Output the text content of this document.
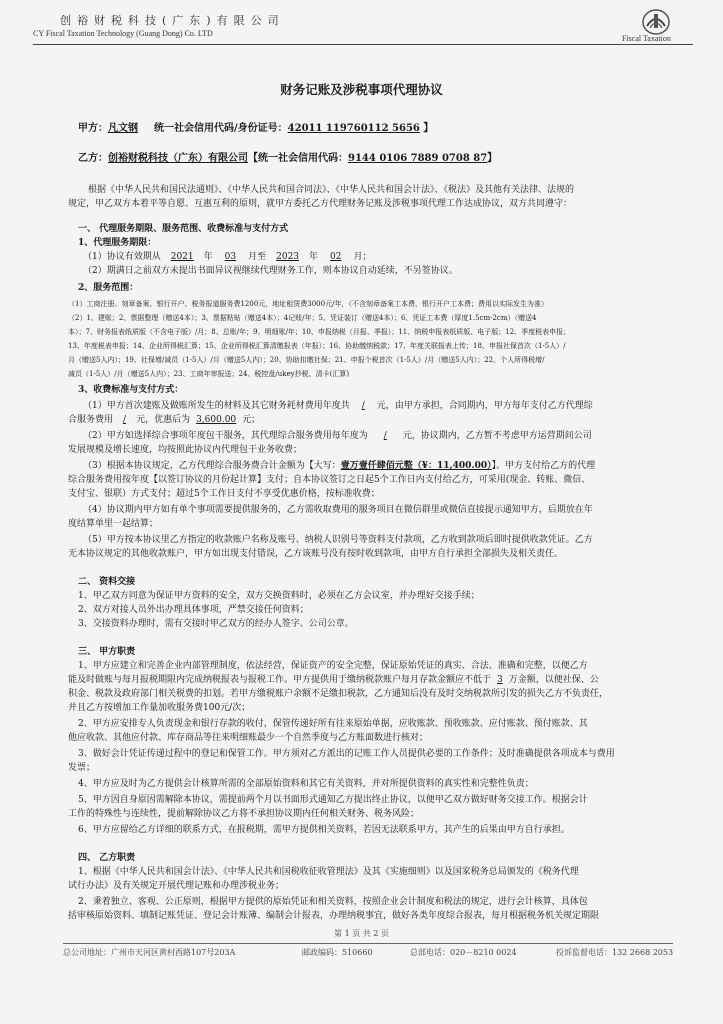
创裕财税科技(广东)有限公司
CY Fiscal Taxation Technology (Guang Dong) Co. LTD
Fiscal Taxation
财务记账及涉税事项代理协议
甲方：凡文钢 统一社会信用代码/身份证号：42011 119760112 5656 】
乙方：创裕财税科技（广东）有限公司【统一社会信用代码：9144 0106 7889 0708 87】
根据《中华人民共和国民法通则》、《中华人民共和国合同法》、《中华人民共和国会计法》、《税法》及其他有关法律、法规的
规定，甲乙双方本着平等自愿、互惠互利的原则，就甲方委托乙方代理财务记账及涉税事项代理工作达成协议，双方共同遵守：
一、 代理服务期限、服务范围、收费标准与支付方式
1、代理服务期限：
（1）协议有效期从 2021 年 03 月至 2023 年 02 月；
（2）期满日之前双方未提出书面异议视继续代理财务工作，则本协议自动延续，不另签协议。
2、服务范围：
（1）工商注册、刻章备案、银行开户、税务报道服务费1200元，地址租赁费3000元/年，（不含刻章备案工本费、银行开户工本费；费用以实际发生为准）
（2）1、建账；2、票据整理（赠送4本）；3、票据粘贴（赠送4本）；4记账/年；5、凭证装订（赠送4本）；6、凭证工本费（厚度1.5cm-2cm）（赠送4
本）；7、财务报表纸质版（不含电子版）/月；8、总账/年；9、明细账/年；10、申报纳税（月报、季报）；11、纳税申报表纸质版、电子版；12、季度税表申报；
13、年度税表申报；14、企业所得税汇算；15、企业所得税汇算清缴报表（年报）；16、协助缴纳税款；17、年度关联报表上传；18、申报社保首次（1-5人）/
月（赠送5人内）；19、社保增/减员（1-5人）/月（赠送5人内）；20、协助扣缴社保；21、申报个税首次（1-5人）/月（赠送5人内）；22、个人所得税增/
减员（1-5人）/月（赠送5人内）；23、工商年审报送；24、税控盘/ukey抄税、清卡(汇算)
3、收费标准与支付方式：
（1）甲方首次建账及做账所发生的材料及其它财务耗材费用年度共 / 元，由甲方承担，合同期内，甲方每年支付乙方代理综
合服务费用 / 元，优惠后为 3,600.00 元；
（2）甲方如选择综合事项年度包干服务，其代理综合服务费用每年度为 / 元，协议期内，乙方暂不考虑甲方运营期间公司
发展规模及增长速度，均按照此协议内代理包干业务收费；
（3）根据本协议规定，乙方代理综合服务费合计金额为【大写：壹万壹仟肆佰元整（¥：11,400.00）】。甲方支付给乙方的代理
综合服务费用按年度【以签订协议的月份起计算】支付；自本协议签订之日起5个工作日内支付给乙方，可采用(现金、转账、微信、
支付宝、银联）方式支付；超过5个工作日支付不享受优惠价格，按标准收费；
（4）协议期内甲方如有单个事项需要提供服务的，乙方需收取费用的服务项目在微信群里或微信直接提示通知甲方，后期放在年
度结算单里一起结算；
（5）甲方按本协议里乙方指定的收款账户名称及账号、纳税人识别号等资料支付款项，乙方收到款项后即时提供收款凭证。乙方
无本协议规定的其他收款账户，甲方如出现支付错误，乙方该账号没有按时收到款项，由甲方自行承担全部损失及相关责任。
二、 资料交接
1、甲乙双方同意为保证甲方资料的安全，双方交换资料时，必须在乙方会议室，并办理好交接手续；
2、双方对接人员外出办理具体事项，严禁交接任何资料；
3、交接资料办理时，需有交接时甲乙双方的经办人签字、公司公章。
三、 甲方职责
1、甲方应建立和完善企业内部管理制度，依法经营，保证资产的安全完整，保证原始凭证的真实、合法、准确和完整，以便乙方
能及时做账与每月报税期限内完成纳税报表与报税工作。甲方提供用于缴纳税款账户每月存款金额应不低于 3 万金额，以便社保、公
积金、税款及政府部门相关税费的扣划。若甲方缴税账户余额不足缴扣税款，乙方通知后没有及时交纳税款所引发的损失乙方不负责任，
并且乙方按增加工作量加收服务费100元/次；
2、甲方应安排专人负责现金和银行存款的收付，保管传递好所有往来原始单据，应收账款、预收账款、应付账款、预付账款、其
他应收款、其他应付款、库存商品等往来明细账最少一个自然季度与乙方账面数进行核对；
3、做好会计凭证传递过程中的登记和保管工作。甲方须对乙方派出的记账工作人员提供必要的工作条件；及时准确提供各项成本与费用
发票；
4、甲方应及时为乙方提供会计核算所需的全部原始资料和其它有关资料，并对所提供资料的真实性和完整性负责；
5、甲方因自身原因需解除本协议，需提前两个月以书面形式通知乙方提出终止协议，以便甲乙双方做好财务交接工作。根据会计
工作的特殊性与连续性，提前解除协议乙方将不承担协议期内任何相关财务、税务风险；
6、甲方应留给乙方详细的联系方式，在报税期，需甲方提供相关资料，若因无法联系甲方，其产生的后果由甲方自行承担。
四、 乙方职责
1、根据《中华人民共和国会计法》、《中华人民共和国税收征收管理法》及其《实施细则》以及国家税务总局颁发的《税务代理
试行办法》及有关规定开展代理记账和办理涉税业务；
2、秉着独立、客观、公正原则，根据甲方提供的原始凭证和相关资料，按照企业会计制度和税法的规定，进行会计核算，具体包
括审核原始资料、填制记账凭证、登记会计账簿、编制会计报表，办理纳税事宜，做好各类年度综合报表，每月根据税务机关规定期限
第 1 页 共 2 页
总公司地址：广州市天河区黄村西路107号203A	邮政编码：510660	总部电话：020－8210 0024	投诉监督电话：132 2668 2053
